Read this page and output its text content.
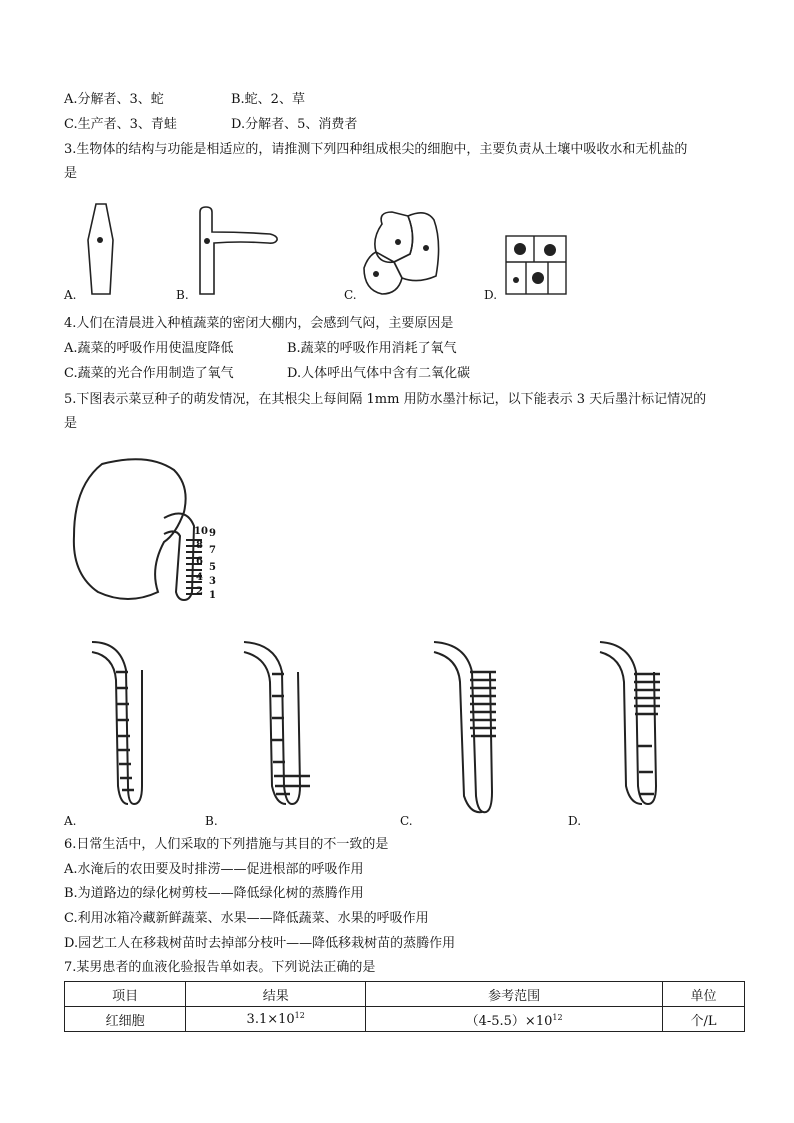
A.分解者、3、蛇	B.蛇、2、草
C.生产者、3、青蛙	D.分解者、5、消费者
3.生物体的结构与功能是相适应的，请推测下列四种组成根尖的细胞中，主要负责从土壤中吸收水和无机盐的
是
A.	B.	C.	D.
4.人们在清晨进入种植蔬菜的密闭大棚内，会感到气闷，主要原因是
A.蔬菜的呼吸作用使温度降低	B.蔬菜的呼吸作用消耗了氧气
C.蔬菜的光合作用制造了氧气	D.人体呼出气体中含有二氧化碳
5.下图表示菜豆种子的萌发情况，在其根尖上每间隔 1mm 用防水墨汁标记，以下能表示 3 天后墨汁标记情况的
是
10 9
8 7
6
5
4 3
2 1
A.	B.	C.	D.
6.日常生活中，人们采取的下列措施与其目的不一致的是
A.水淹后的农田要及时排涝——促进根部的呼吸作用
B.为道路边的绿化树剪枝——降低绿化树的蒸腾作用
C.利用冰箱冷藏新鲜蔬菜、水果——降低蔬菜、水果的呼吸作用
D.园艺工人在移栽树苗时去掉部分枝叶——降低移栽树苗的蒸腾作用
7.某男患者的血液化验报告单如表。下列说法正确的是
项目	结果	参考范围	单位
红细胞	$3.1\times 10^{12}$	$(4-5.5)\times 10^{12}$	个/L
